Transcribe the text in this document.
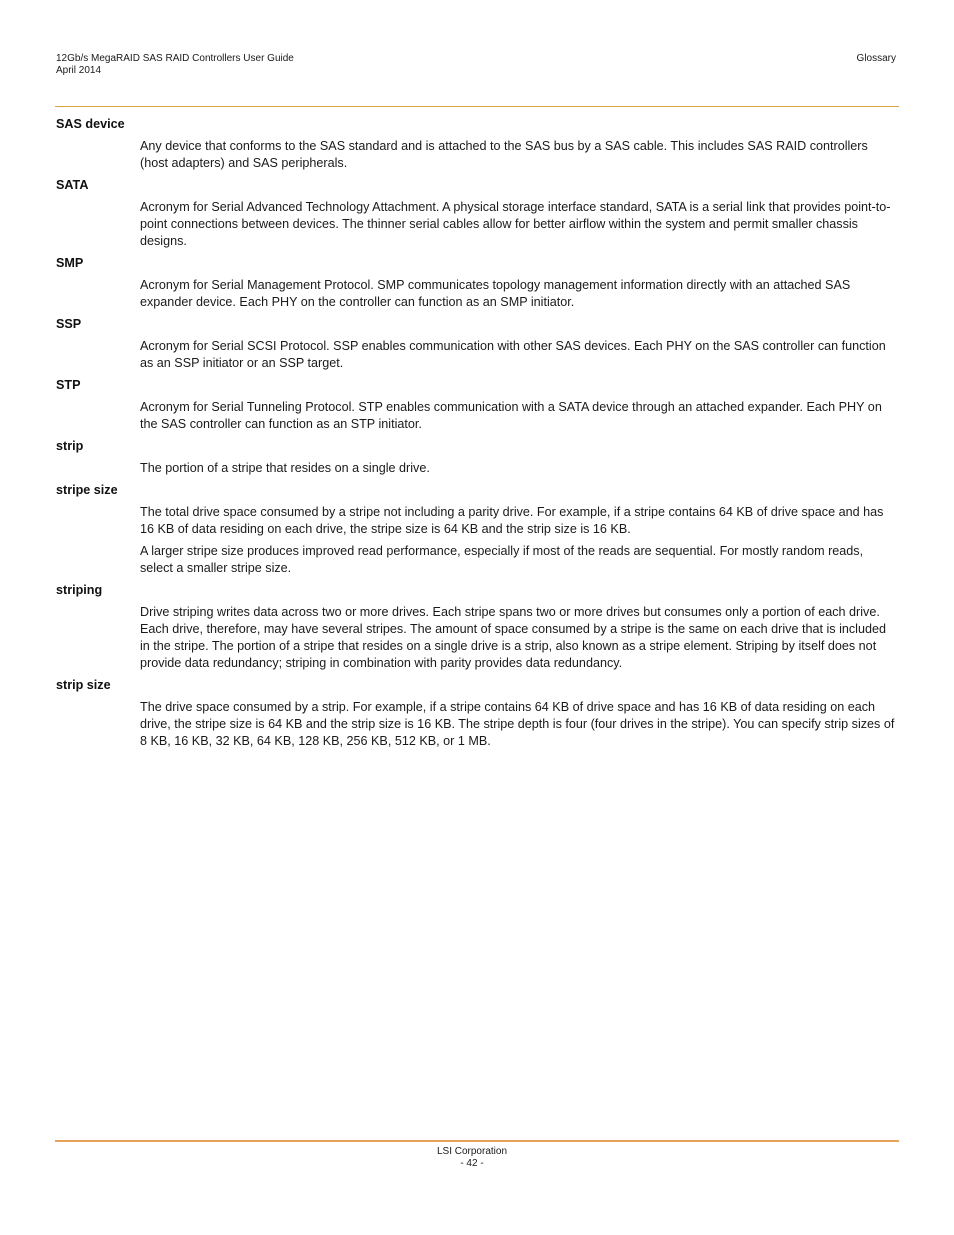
12Gb/s MegaRAID SAS RAID Controllers User Guide
April 2014
Glossary
SAS device

Any device that conforms to the SAS standard and is attached to the SAS bus by a SAS cable. This includes SAS RAID controllers (host adapters) and SAS peripherals.

SATA

Acronym for Serial Advanced Technology Attachment. A physical storage interface standard, SATA is a serial link that provides point-to-point connections between devices. The thinner serial cables allow for better airflow within the system and permit smaller chassis designs.

SMP

Acronym for Serial Management Protocol. SMP communicates topology management information directly with an attached SAS expander device. Each PHY on the controller can function as an SMP initiator.

SSP

Acronym for Serial SCSI Protocol. SSP enables communication with other SAS devices. Each PHY on the SAS controller can function as an SSP initiator or an SSP target.

STP

Acronym for Serial Tunneling Protocol. STP enables communication with a SATA device through an attached expander. Each PHY on the SAS controller can function as an STP initiator.

strip

The portion of a stripe that resides on a single drive.

stripe size

The total drive space consumed by a stripe not including a parity drive. For example, if a stripe contains 64 KB of drive space and has 16 KB of data residing on each drive, the stripe size is 64 KB and the strip size is 16 KB.

A larger stripe size produces improved read performance, especially if most of the reads are sequential. For mostly random reads, select a smaller stripe size.

striping

Drive striping writes data across two or more drives. Each stripe spans two or more drives but consumes only a portion of each drive. Each drive, therefore, may have several stripes. The amount of space consumed by a stripe is the same on each drive that is included in the stripe. The portion of a stripe that resides on a single drive is a strip, also known as a stripe element. Striping by itself does not provide data redundancy; striping in combination with parity provides data redundancy.

strip size

The drive space consumed by a strip. For example, if a stripe contains 64 KB of drive space and has 16 KB of data residing on each drive, the stripe size is 64 KB and the strip size is 16 KB. The stripe depth is four (four drives in the stripe). You can specify strip sizes of 8 KB, 16 KB, 32 KB, 64 KB, 128 KB, 256 KB, 512 KB, or 1 MB.

LSI Corporation
- 42 -
